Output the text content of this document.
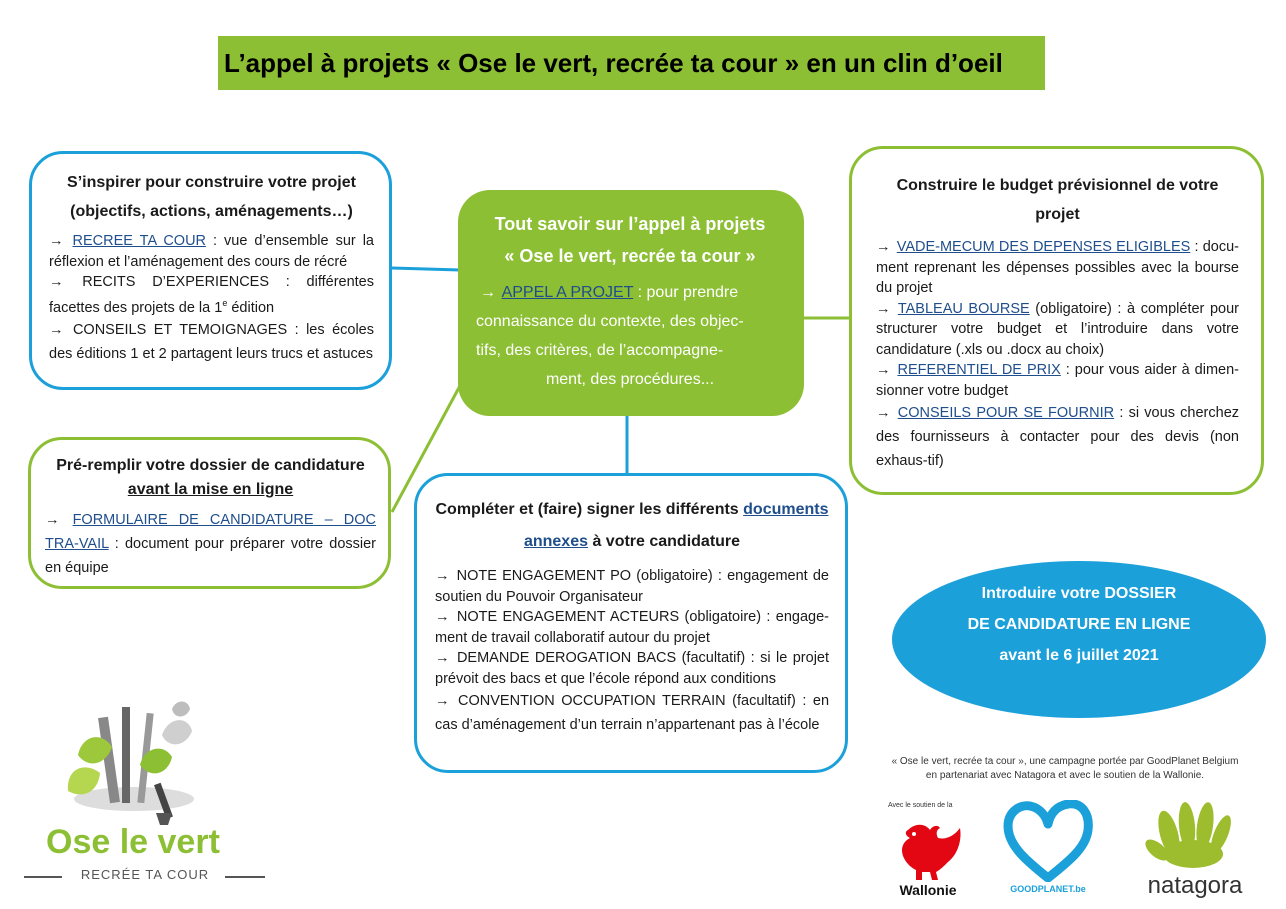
L’appel à projets « Ose le vert, recrée ta cour » en un clin d’oeil
S’inspirer pour construire votre projet
(objectifs, actions, aménagements…)

→ RECREE TA COUR : vue d’ensemble sur la réflexion et l’aménagement des cours de récré

→ RECITS D’EXPERIENCES : différentes facettes des projets de la 1e édition

→ CONSEILS ET TEMOIGNAGES : les écoles des éditions 1 et 2 partagent leurs trucs et astuces

Pré-remplir votre dossier de candidature
avant la mise en ligne

→ FORMULAIRE DE CANDIDATURE – DOC TRA-VAIL : document pour préparer votre dossier en équipe

Tout savoir sur l’appel à projets
« Ose le vert, recrée ta cour »
→ APPEL A PROJET : pour prendre
connaissance du contexte, des objec-
tifs, des critères, de l’accompagne-
ment, des procédures...
Construire le budget prévisionnel de votre
projet

→ VADE-MECUM DES DEPENSES ELIGIBLES : docu-ment reprenant les dépenses possibles avec la bourse du projet

→ TABLEAU BOURSE (obligatoire) : à compléter pour structurer votre budget et l’introduire dans votre candidature (.xls ou .docx au choix)

→ REFERENTIEL DE PRIX : pour vous aider à dimen-sionner votre budget

→ CONSEILS POUR SE FOURNIR : si vous cherchez des fournisseurs à contacter pour des devis (non exhaus-tif)

Compléter et (faire) signer les différents documents annexes à votre candidature

→ NOTE ENGAGEMENT PO (obligatoire) : engagement de soutien du Pouvoir Organisateur

→ NOTE ENGAGEMENT ACTEURS (obligatoire) : engage-ment de travail collaboratif autour du projet

→ DEMANDE DEROGATION BACS (facultatif) : si le projet prévoit des bacs et que l’école répond aux conditions

→ CONVENTION OCCUPATION TERRAIN (facultatif) : en cas d’aménagement d’un terrain n’appartenant pas à l’école

Introduire votre DOSSIER
DE CANDIDATURE EN LIGNE
avant le 6 juillet 2021
« Ose le vert, recrée ta cour », une campagne portée par GoodPlanet Belgium
en partenariat avec Natagora et avec le soutien de la Wallonie.
Avec le soutien de la
Wallonie	GOODPLANET.be	natagora
Ose le vert
RECRÉE TA COUR
